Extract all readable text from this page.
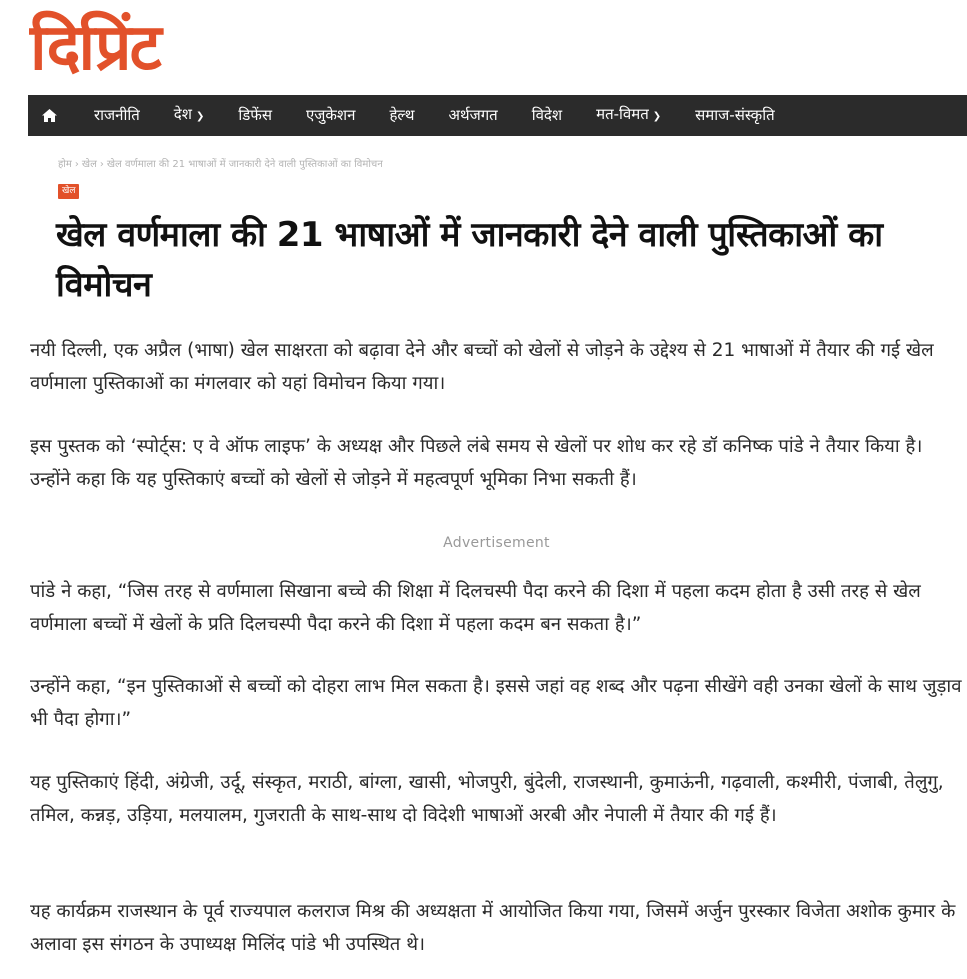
दिप्रिंट
राजनीति	देश ❯	डिफेंस	एजुकेशन	हेल्थ	अर्थजगत	विदेश	मत-विमत ❯	समाज-संस्कृति
होम › खेल › खेल वर्णमाला की 21 भाषाओं में जानकारी देने वाली पुस्तिकाओं का विमोचन
खेल
खेल वर्णमाला की 21 भाषाओं में जानकारी देने वाली पुस्तिकाओं का विमोचन

नयी दिल्ली, एक अप्रैल (भाषा) खेल साक्षरता को बढ़ावा देने और बच्चों को खेलों से जोड़ने के उद्देश्य से 21 भाषाओं में तैयार की गई खेल वर्णमाला पुस्तिकाओं का मंगलवार को यहां विमोचन किया गया।

इस पुस्तक को ‘स्पोर्ट्स: ए वे ऑफ लाइफ’ के अध्यक्ष और पिछले लंबे समय से खेलों पर शोध कर रहे डॉ कनिष्क पांडे ने तैयार किया है। उन्होंने कहा कि यह पुस्तिकाएं बच्चों को खेलों से जोड़ने में महत्वपूर्ण भूमिका निभा सकती हैं।

Advertisement

पांडे ने कहा, “जिस तरह से वर्णमाला सिखाना बच्चे की शिक्षा में दिलचस्पी पैदा करने की दिशा में पहला कदम होता है उसी तरह से खेल वर्णमाला बच्चों में खेलों के प्रति दिलचस्पी पैदा करने की दिशा में पहला कदम बन सकता है।”

उन्होंने कहा, “इन पुस्तिकाओं से बच्चों को दोहरा लाभ मिल सकता है। इससे जहां वह शब्द और पढ़ना सीखेंगे वही उनका खेलों के साथ जुड़ाव भी पैदा होगा।”

यह पुस्तिकाएं हिंदी, अंग्रेजी, उर्दू, संस्कृत, मराठी, बांग्ला, खासी, भोजपुरी, बुंदेली, राजस्थानी, कुमाऊंनी, गढ़वाली, कश्मीरी, पंजाबी, तेलुगु, तमिल, कन्नड़, उड़िया, मलयालम, गुजराती के साथ-साथ दो विदेशी भाषाओं अरबी और नेपाली में तैयार की गई हैं।

यह कार्यक्रम राजस्थान के पूर्व राज्यपाल कलराज मिश्र की अध्यक्षता में आयोजित किया गया, जिसमें अर्जुन पुरस्कार विजेता अशोक कुमार के अलावा इस संगठन के उपाध्यक्ष मिलिंद पांडे भी उपस्थित थे।
